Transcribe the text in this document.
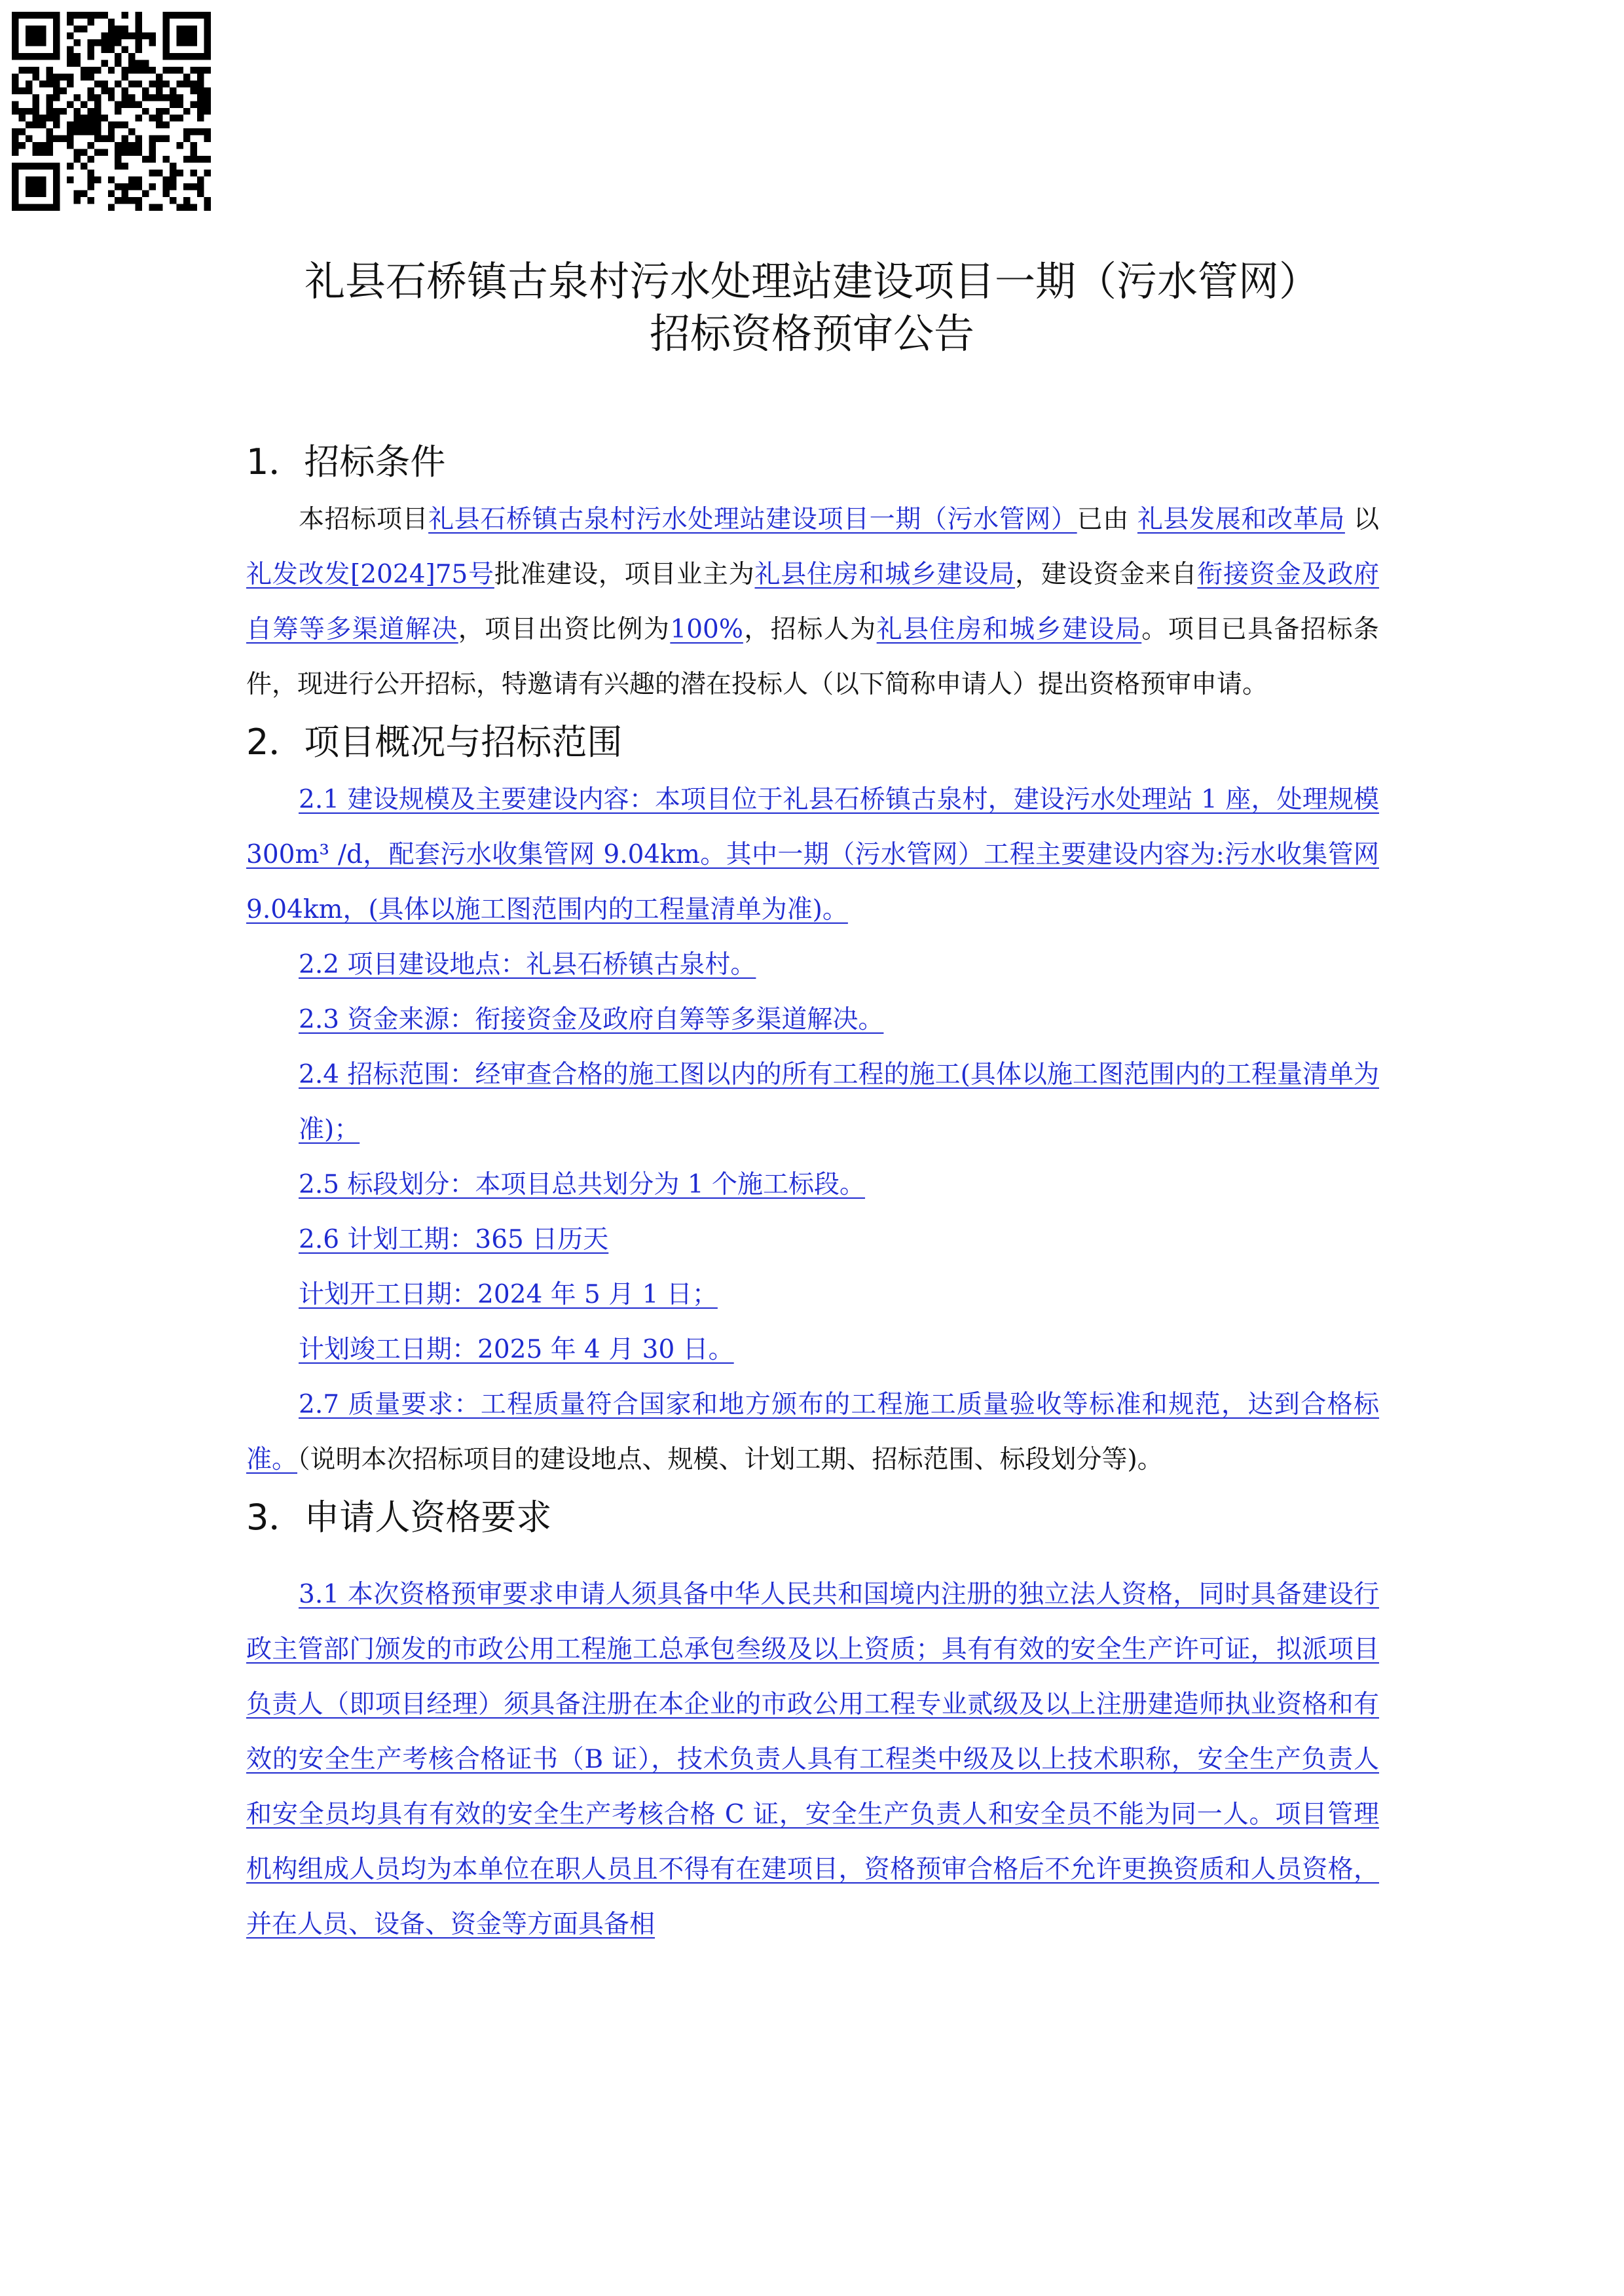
礼县石桥镇古泉村污水处理站建设项目一期（污水管网）
招标资格预审公告
1．招标条件

本招标项目礼县石桥镇古泉村污水处理站建设项目一期（污水管网）已由 礼县发展和改革局 以礼发改发[2024]75号批准建设，项目业主为礼县住房和城乡建设局，建设资金来自衔接资金及政府自筹等多渠道解决，项目出资比例为100%，招标人为礼县住房和城乡建设局。项目已具备招标条件，现进行公开招标，特邀请有兴趣的潜在投标人（以下简称申请人）提出资格预审申请。

2．项目概况与招标范围

2.1 建设规模及主要建设内容：本项目位于礼县石桥镇古泉村，建设污水处理站 1 座，处理规模 300m³ /d，配套污水收集管网 9.04km。其中一期（污水管网）工程主要建设内容为:污水收集管网 9.04km，(具体以施工图范围内的工程量清单为准)。

2.2 项目建设地点：礼县石桥镇古泉村。

2.3 资金来源：衔接资金及政府自筹等多渠道解决。

2.4 招标范围：经审查合格的施工图以内的所有工程的施工(具体以施工图范围内的工程量清单为准)；

2.5 标段划分：本项目总共划分为 1 个施工标段。

2.6 计划工期：365 日历天

计划开工日期：2024 年 5 月 1 日；

计划竣工日期：2025 年 4 月 30 日。

2.7 质量要求：工程质量符合国家和地方颁布的工程施工质量验收等标准和规范，达到合格标准。（说明本次招标项目的建设地点、规模、计划工期、招标范围、标段划分等)。

3．申请人资格要求

3.1 本次资格预审要求申请人须具备中华人民共和国境内注册的独立法人资格，同时具备建设行政主管部门颁发的市政公用工程施工总承包叁级及以上资质；具有有效的安全生产许可证，拟派项目负责人（即项目经理）须具备注册在本企业的市政公用工程专业贰级及以上注册建造师执业资格和有效的安全生产考核合格证书（B 证），技术负责人具有工程类中级及以上技术职称，安全生产负责人和安全员均具有有效的安全生产考核合格 C 证，安全生产负责人和安全员不能为同一人。项目管理机构组成人员均为本单位在职人员且不得有在建项目，资格预审合格后不允许更换资质和人员资格，并在人员、设备、资金等方面具备相
